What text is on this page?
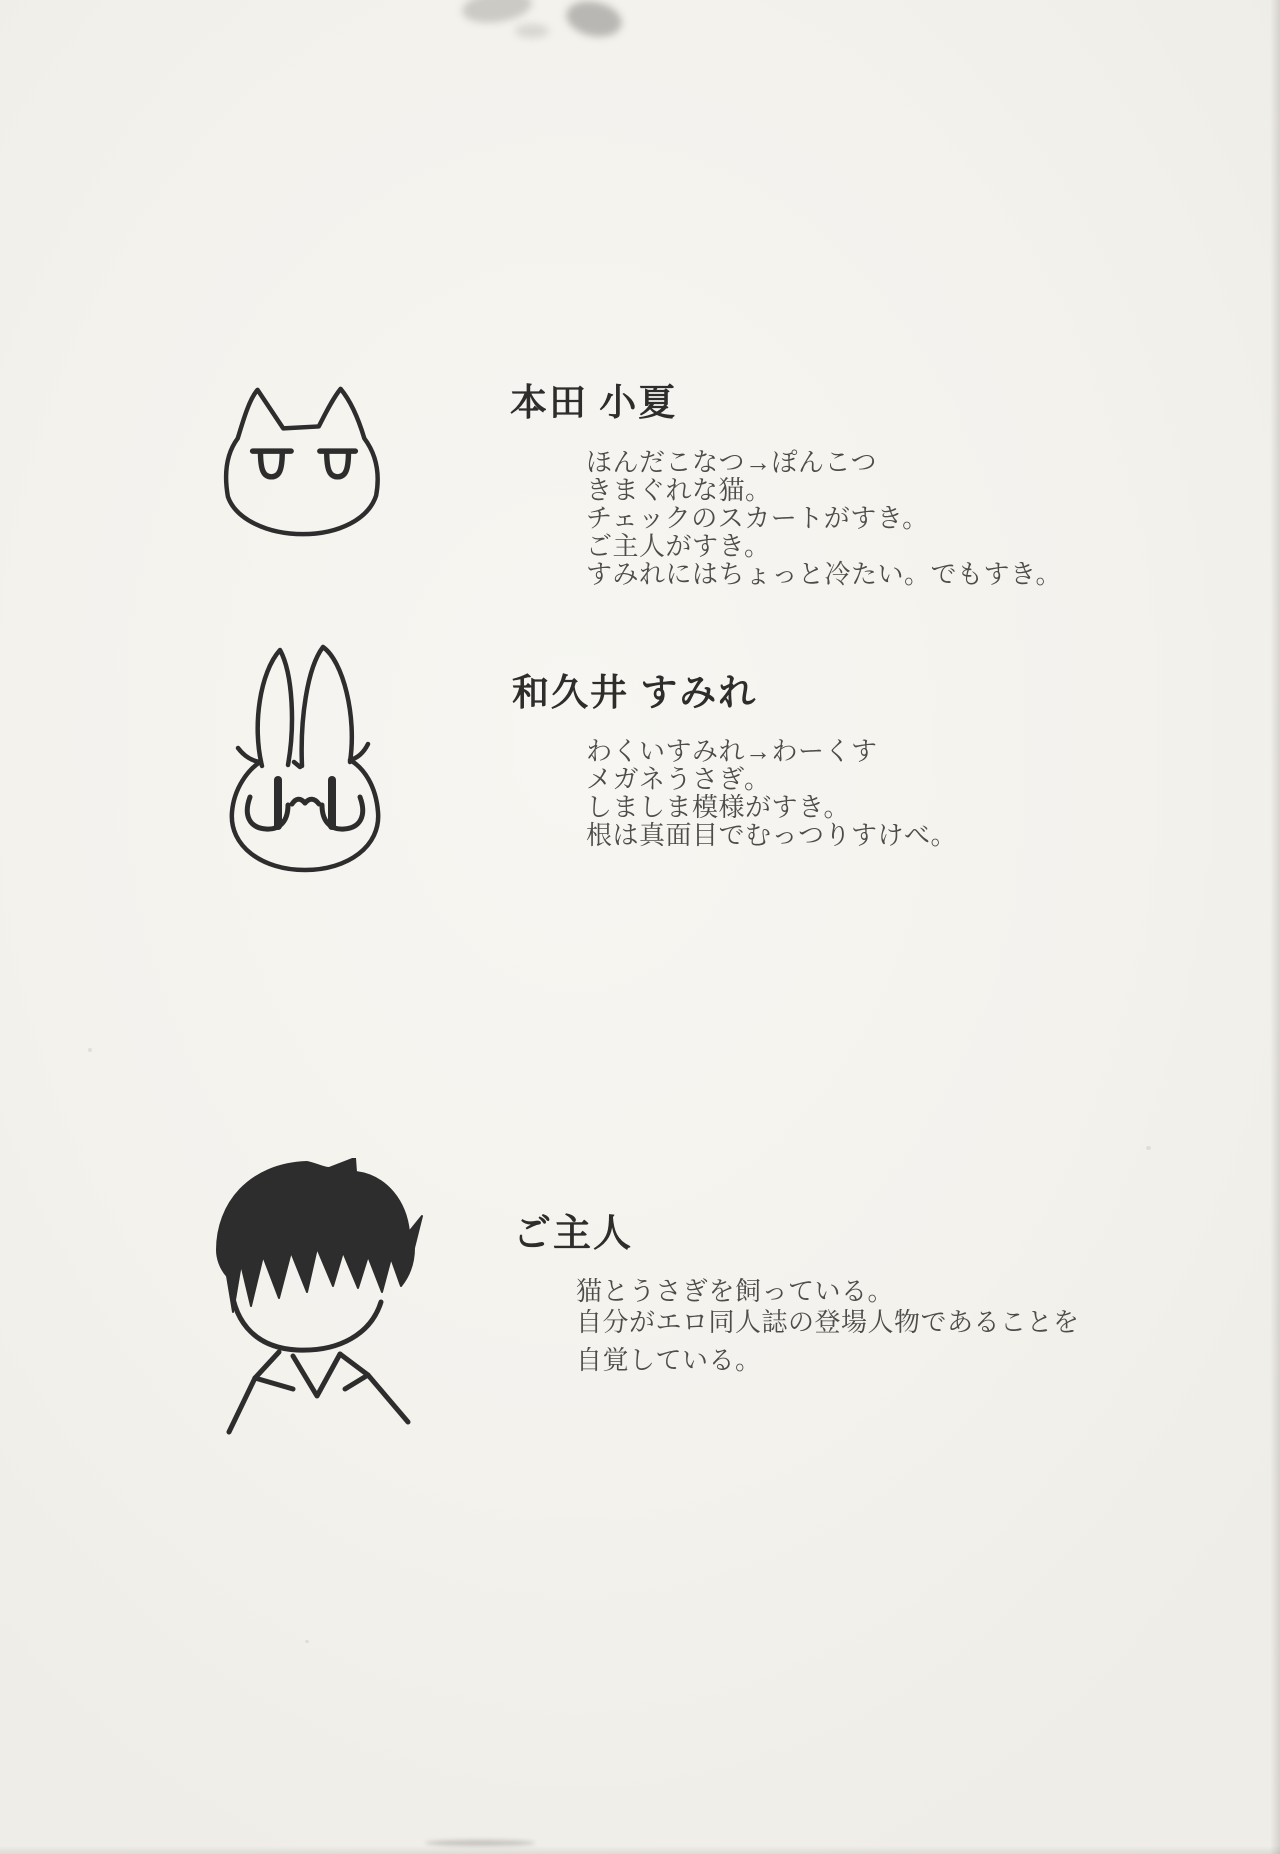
本田 小夏
ほんだこなつ→ぽんこつ
きまぐれな猫。
チェックのスカートがすき。
ご主人がすき。
すみれにはちょっと冷たい。でもすき。
和久井 すみれ
わくいすみれ→わーくす
メガネうさぎ。
しましま模様がすき。
根は真面目でむっつりすけべ。
ご主人
猫とうさぎを飼っている。
自分がエロ同人誌の登場人物であることを
自覚している。
